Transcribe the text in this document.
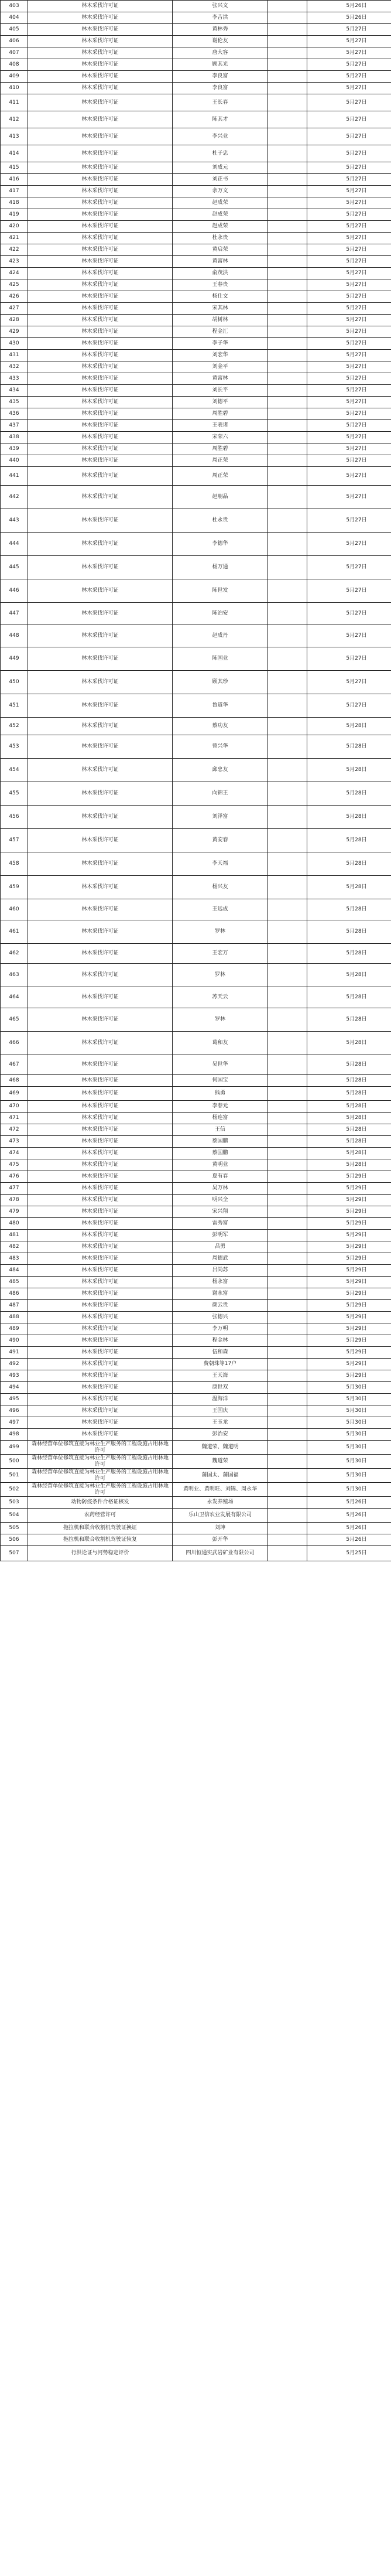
403	林木采伐许可证	张兴文		5月26日
404	林木采伐许可证	李吉洪		5月26日
405	林木采伐许可证	黄林秀		5月27日
406	林木采伐许可证	谢伦友		5月27日
407	林木采伐许可证	唐大容		5月27日
408	林木采伐许可证	顾其光		5月27日
409	林木采伐许可证	李良富		5月27日
410	林木采伐许可证	李良富		5月27日
411	林木采伐许可证	王长春		5月27日
412	林木采伐许可证	陈其才		5月27日
413	林木采伐许可证	李兴业		5月27日
414	林木采伐许可证	杜子忠		5月27日
415	林木采伐许可证	刘成元		5月27日
416	林木采伐许可证	刘正书		5月27日
417	林木采伐许可证	余万文		5月27日
418	林木采伐许可证	赵成荣		5月27日
419	林木采伐许可证	赵成荣		5月27日
420	林木采伐许可证	赵成荣		5月27日
421	林木采伐许可证	杜永贵		5月27日
422	林木采伐许可证	黄启荣		5月27日
423	林木采伐许可证	黄富林		5月27日
424	林木采伐许可证	俞茂洪		5月27日
425	林木采伐许可证	王春贵		5月27日
426	林木采伐许可证	杨仕文		5月27日
427	林木采伐许可证	宋其林		5月27日
428	林木采伐许可证	胡树林		5月27日
429	林木采伐许可证	程金汇		5月27日
430	林木采伐许可证	李子华		5月27日
431	林木采伐许可证	刘宏华		5月27日
432	林木采伐许可证	刘金平		5月27日
433	林木采伐许可证	黄富林		5月27日
434	林木采伐许可证	刘长平		5月27日
435	林木采伐许可证	刘德平		5月27日
436	林木采伐许可证	周胜碧		5月27日
437	林木采伐许可证	王表诸		5月27日
438	林木采伐许可证	宋荣六		5月27日
439	林木采伐许可证	周胜碧		5月27日
440	林木采伐许可证	周正荣		5月27日
441	林木采伐许可证	周正荣		5月27日
442	林木采伐许可证	赵朋品		5月27日
443	林木采伐许可证	杜永贵		5月27日
444	林木采伐许可证	李德华		5月27日
445	林木采伐许可证	杨万通		5月27日
446	林木采伐许可证	陈世发		5月27日
447	林木采伐许可证	陈泊安		5月27日
448	林木采伐许可证	赵成丹		5月27日
449	林木采伐许可证	陈国业		5月27日
450	林木采伐许可证	顾其珍		5月27日
451	林木采伐许可证	鲁道华		5月27日
452	林木采伐许可证	蔡功友		5月28日
453	林木采伐许可证	曾兴华		5月28日
454	林木采伐许可证	邱忠友		5月28日
455	林木采伐许可证	向锦王		5月28日
456	林木采伐许可证	刘泽富		5月28日
457	林木采伐许可证	黄安春		5月28日
458	林木采伐许可证	李天福		5月28日
459	林木采伐许可证	杨兴友		5月28日
460	林木采伐许可证	王远成		5月28日
461	林木采伐许可证	罗林		5月28日
462	林木采伐许可证	王宏万		5月28日
463	林木采伐许可证	罗林		5月28日
464	林木采伐许可证	苏天云		5月28日
465	林木采伐许可证	罗林		5月28日
466	林木采伐许可证	葛和友		5月28日
467	林木采伐许可证	吴世华		5月28日
468	林木采伐许可证	何国宝		5月28日
469	林木采伐许可证	熊勇		5月28日
470	林木采伐许可证	李春元		5月28日
471	林木采伐许可证	杨连富		5月28日
472	林木采伐许可证	王信		5月28日
473	林木采伐许可证	蔡国鹏		5月28日
474	林木采伐许可证	蔡国鹏		5月28日
475	林木采伐许可证	黄明业		5月28日
476	林木采伐许可证	夏有春		5月29日
477	林木采伐许可证	吴万林		5月29日
478	林木采伐许可证	明兴全		5月29日
479	林木采伐许可证	宋兴翔		5月29日
480	林木采伐许可证	雷秀富		5月29日
481	林木采伐许可证	彭明军		5月29日
482	林木采伐许可证	吕勇		5月29日
483	林木采伐许可证	周德武		5月29日
484	林木采伐许可证	吕尚苏		5月29日
485	林木采伐许可证	杨永富		5月29日
486	林木采伐许可证	谢永富		5月29日
487	林木采伐许可证	颜云贵		5月29日
488	林木采伐许可证	张德兴		5月29日
489	林木采伐许可证	李万明		5月29日
490	林木采伐许可证	程金林		5月29日
491	林木采伐许可证	伍和森		5月29日
492	林木采伐许可证	费朝珠等17户		5月29日
493	林木采伐许可证	王天海		5月29日
494	林木采伐许可证	康世双		5月30日
495	林木采伐许可证	温海洋		5月30日
496	林木采伐许可证	王国庆		5月30日
497	林木采伐许可证	王玉龙		5月30日
498	林木采伐许可证	彭治安		5月30日
499	森林经营单位修筑直接为林业生产服务的工程设施占用林地许可	魏道荣、魏道明		5月30日
500	森林经营单位修筑直接为林业生产服务的工程设施占用林地许可	魏道荣		5月30日
501	森林经营单位修筑直接为林业生产服务的工程设施占用林地许可	蒲国太、蒲国福		5月30日
502	森林经营单位修筑直接为林业生产服务的工程设施占用林地许可	黄明业、黄明旺、刘锦、周永华		5月30日
503	动物防疫条件合格证核发	永发养殖场		5月26日
504	农药经营许可	乐山卫信农业发展有限公司		5月26日
505	拖拉机和联合收割机驾驶证换证	刘坤		5月26日
506	拖拉机和联合收割机驾驶证恢复	彭开华		5月26日
507	行洪论证与河势稳定评价	四川恒通实武岩矿业有限公司		5月25日
